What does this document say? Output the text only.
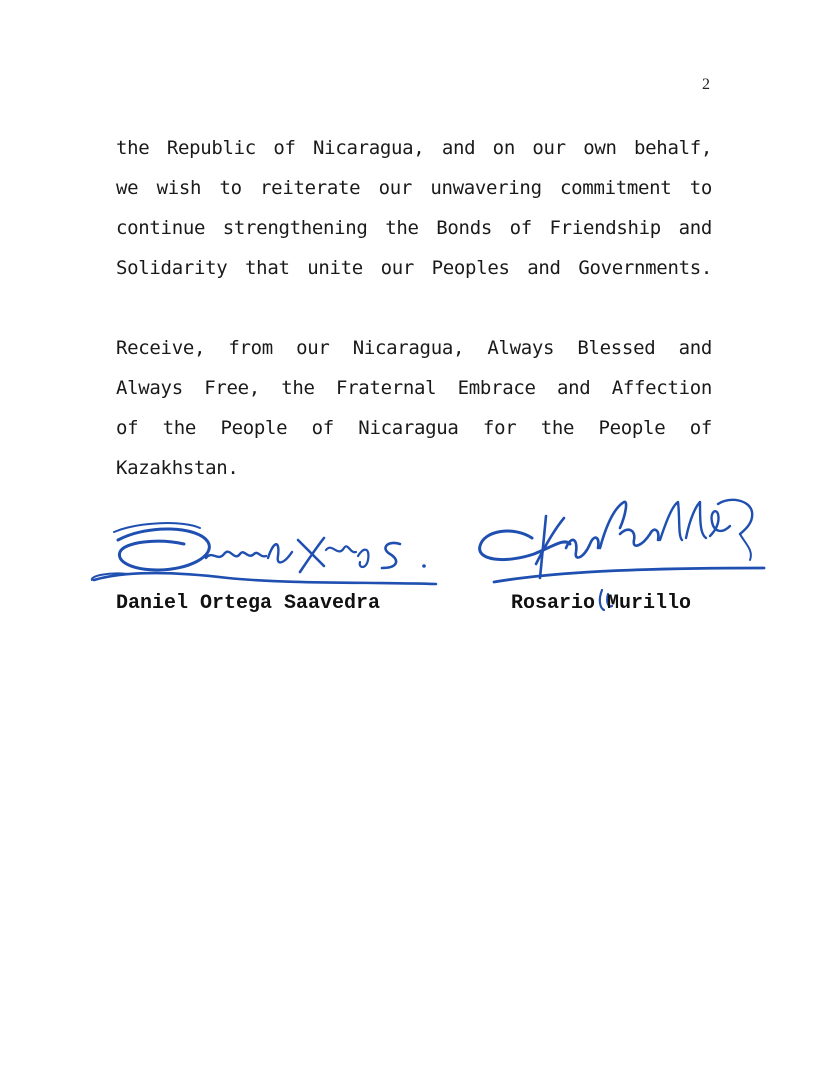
2
the Republic of Nicaragua, and on our own behalf,
we wish to reiterate our unwavering commitment to
continue strengthening the Bonds of Friendship and
Solidarity that unite our Peoples and Governments.
Receive, from our Nicaragua, Always Blessed and
Always Free, the Fraternal Embrace and Affection
of the People of Nicaragua for the People of
Kazakhstan.
Daniel Ortega Saavedra	Rosario Murillo
